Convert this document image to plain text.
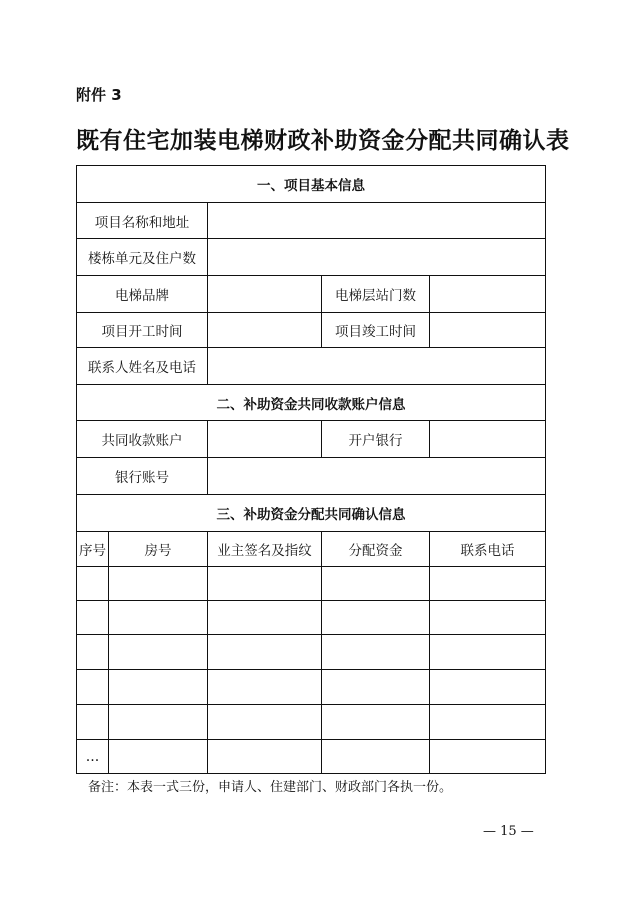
附件 3
既有住宅加装电梯财政补助资金分配共同确认表
一、项目基本信息				
项目名称和地址				
楼栋单元及住户数				
电梯品牌			电梯层站门数	
项目开工时间			项目竣工时间	
联系人姓名及电话				
二、补助资金共同收款账户信息				
共同收款账户			开户银行	
银行账号				
三、补助资金分配共同确认信息				
序号	房号	业主签名及指纹	分配资金	联系电话

…				
备注：本表一式三份，申请人、住建部门、财政部门各执一份。
— 15 —
